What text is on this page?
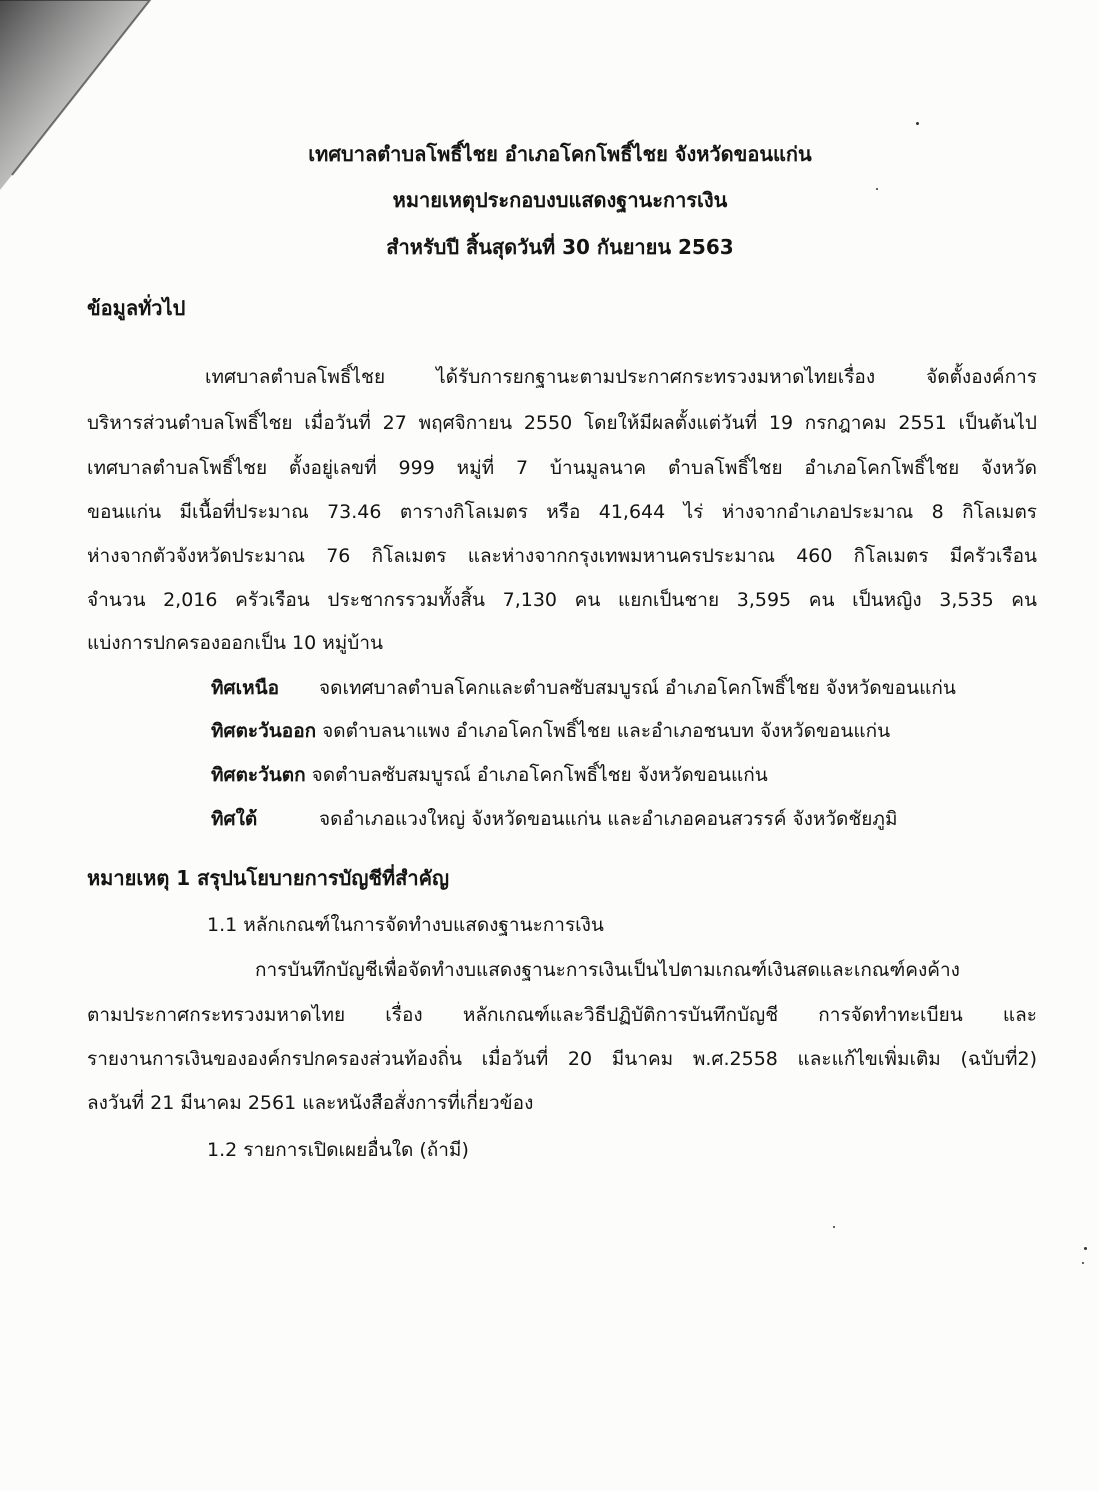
เทศบาลตำบลโพธิ์ไชย อำเภอโคกโพธิ์ไชย จังหวัดขอนแก่น
หมายเหตุประกอบงบแสดงฐานะการเงิน
สำหรับปี สิ้นสุดวันที่ 30 กันยายน 2563
ข้อมูลทั่วไป
เทศบาลตำบลโพธิ์ไชย ได้รับการยกฐานะตามประกาศกระทรวงมหาดไทยเรื่อง จัดตั้งองค์การ
บริหารส่วนตำบลโพธิ์ไชย เมื่อวันที่ 27 พฤศจิกายน 2550 โดยให้มีผลตั้งแต่วันที่ 19 กรกฎาคม 2551 เป็นต้นไป
เทศบาลตำบลโพธิ์ไชย ตั้งอยู่เลขที่ 999 หมู่ที่ 7 บ้านมูลนาค ตำบลโพธิ์ไชย อำเภอโคกโพธิ์ไชย จังหวัด
ขอนแก่น มีเนื้อที่ประมาณ 73.46 ตารางกิโลเมตร หรือ 41,644 ไร่ ห่างจากอำเภอประมาณ 8 กิโลเมตร
ห่างจากตัวจังหวัดประมาณ 76 กิโลเมตร และห่างจากกรุงเทพมหานครประมาณ 460 กิโลเมตร มีครัวเรือน
จำนวน 2,016 ครัวเรือน ประชากรรวมทั้งสิ้น 7,130 คน แยกเป็นชาย 3,595 คน เป็นหญิง 3,535 คน
แบ่งการปกครองออกเป็น 10 หมู่บ้าน
ทิศเหนือ จดเทศบาลตำบลโคกและตำบลซับสมบูรณ์ อำเภอโคกโพธิ์ไชย จังหวัดขอนแก่น
ทิศตะวันออก จดตำบลนาแพง อำเภอโคกโพธิ์ไชย และอำเภอชนบท จังหวัดขอนแก่น
ทิศตะวันตก จดตำบลซับสมบูรณ์ อำเภอโคกโพธิ์ไชย จังหวัดขอนแก่น
ทิศใต้	จดอำเภอแวงใหญ่ จังหวัดขอนแก่น และอำเภอคอนสวรรค์ จังหวัดชัยภูมิ
หมายเหตุ 1 สรุปนโยบายการบัญชีที่สำคัญ
1.1 หลักเกณฑ์ในการจัดทำงบแสดงฐานะการเงิน
การบันทึกบัญชีเพื่อจัดทำงบแสดงฐานะการเงินเป็นไปตามเกณฑ์เงินสดและเกณฑ์คงค้าง
ตามประกาศกระทรวงมหาดไทย เรื่อง หลักเกณฑ์และวิธีปฏิบัติการบันทึกบัญชี การจัดทำทะเบียน และ
รายงานการเงินขององค์กรปกครองส่วนท้องถิ่น เมื่อวันที่ 20 มีนาคม พ.ศ.2558 และแก้ไขเพิ่มเติม (ฉบับที่2)
ลงวันที่ 21 มีนาคม 2561 และหนังสือสั่งการที่เกี่ยวข้อง
1.2 รายการเปิดเผยอื่นใด (ถ้ามี)
